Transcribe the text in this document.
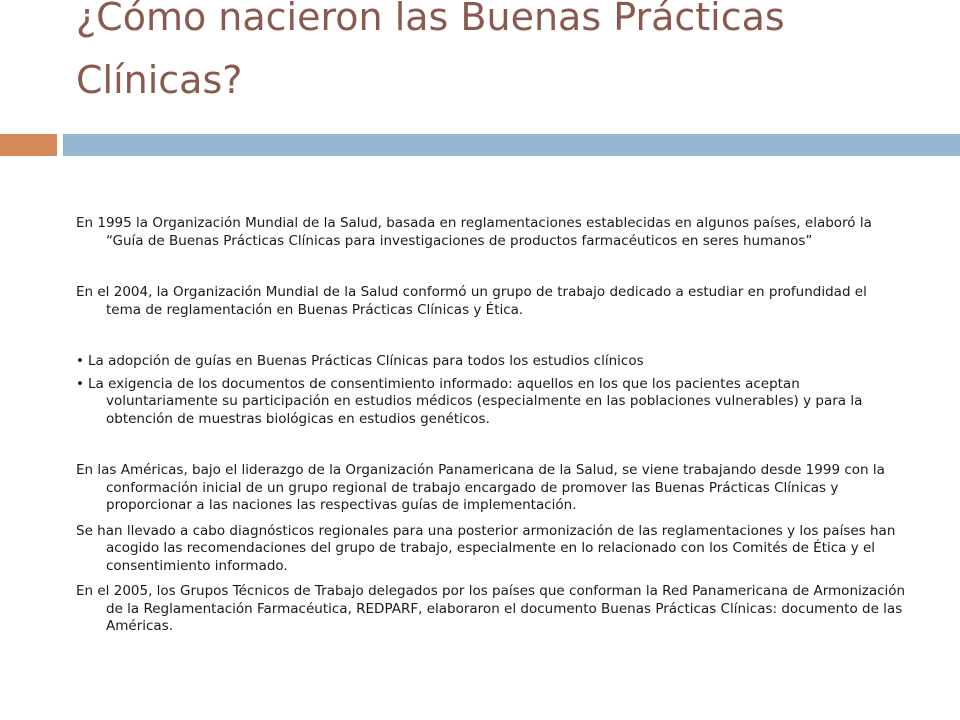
¿Cómo nacieron las Buenas Prácticas Clínicas?

En 1995 la Organización Mundial de la Salud, basada en reglamentaciones establecidas en algunos países, elaboró la “Guía de Buenas Prácticas Clínicas para investigaciones de productos farmacéuticos en seres humanos”

En el 2004, la Organización Mundial de la Salud conformó un grupo de trabajo dedicado a estudiar en profundidad el tema de reglamentación en Buenas Prácticas Clínicas y Ética.

• La adopción de guías en Buenas Prácticas Clínicas para todos los estudios clínicos

• La exigencia de los documentos de consentimiento informado: aquellos en los que los pacientes aceptan voluntariamente su participación en estudios médicos (especialmente en las poblaciones vulnerables) y para la obtención de muestras biológicas en estudios genéticos.

En las Américas, bajo el liderazgo de la Organización Panamericana de la Salud, se viene trabajando desde 1999 con la conformación inicial de un grupo regional de trabajo encargado de promover las Buenas Prácticas Clínicas y proporcionar a las naciones las respectivas guías de implementación.

Se han llevado a cabo diagnósticos regionales para una posterior armonización de las reglamentaciones y los países han acogido las recomendaciones del grupo de trabajo, especialmente en lo relacionado con los Comités de Ética y el consentimiento informado.

En el 2005, los Grupos Técnicos de Trabajo delegados por los países que conforman la Red Panamericana de Armonización de la Reglamentación Farmacéutica, REDPARF, elaboraron el documento Buenas Prácticas Clínicas: documento de las Américas.
